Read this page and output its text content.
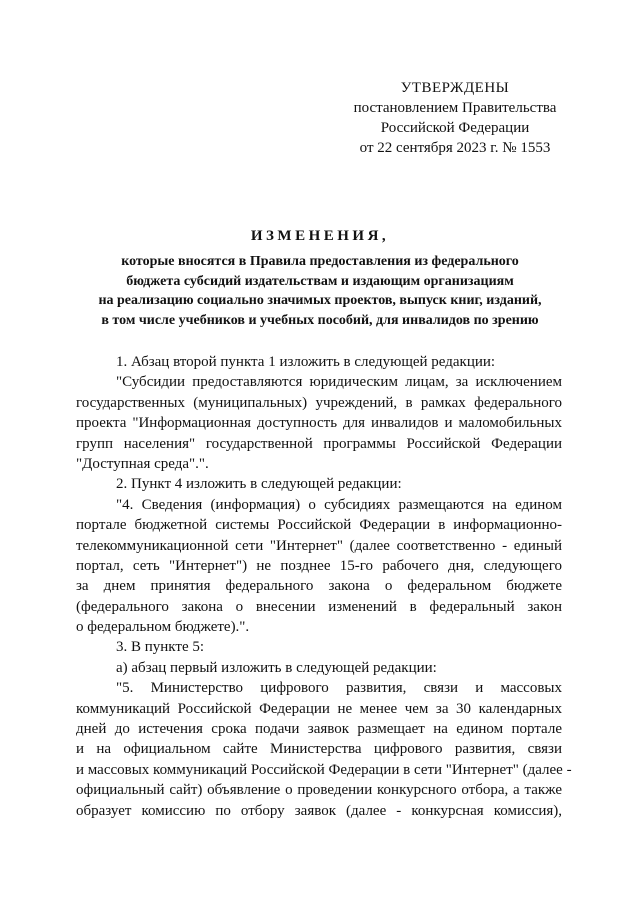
УТВЕРЖДЕНЫ
постановлением Правительства
Российской Федерации
от 22 сентября 2023 г. № 1553
ИЗМЕНЕНИЯ,
которые вносятся в Правила предоставления из федерального
бюджета субсидий издательствам и издающим организациям
на реализацию социально значимых проектов, выпуск книг, изданий,
в том числе учебников и учебных пособий, для инвалидов по зрению
1. Абзац второй пункта 1 изложить в следующей редакции:
"Субсидии предоставляются юридическим лицам, за исключением
государственных (муниципальных) учреждений, в рамках федерального
проекта "Информационная доступность для инвалидов и маломобильных
групп населения" государственной программы Российской Федерации
"Доступная среда".".
2. Пункт 4 изложить в следующей редакции:
"4. Сведения (информация) о субсидиях размещаются на едином
портале бюджетной системы Российской Федерации в информационно-
телекоммуникационной сети "Интернет" (далее соответственно - единый
портал, сеть "Интернет") не позднее 15-го рабочего дня, следующего
за днем принятия федерального закона о федеральном бюджете
(федерального закона о внесении изменений в федеральный закон
о федеральном бюджете).".
3. В пункте 5:
а) абзац первый изложить в следующей редакции:
"5. Министерство цифрового развития, связи и массовых
коммуникаций Российской Федерации не менее чем за 30 календарных
дней до истечения срока подачи заявок размещает на едином портале
и на официальном сайте Министерства цифрового развития, связи
и массовых коммуникаций Российской Федерации в сети "Интернет" (далее -
официальный сайт) объявление о проведении конкурсного отбора, а также
образует комиссию по отбору заявок (далее - конкурсная комиссия),
